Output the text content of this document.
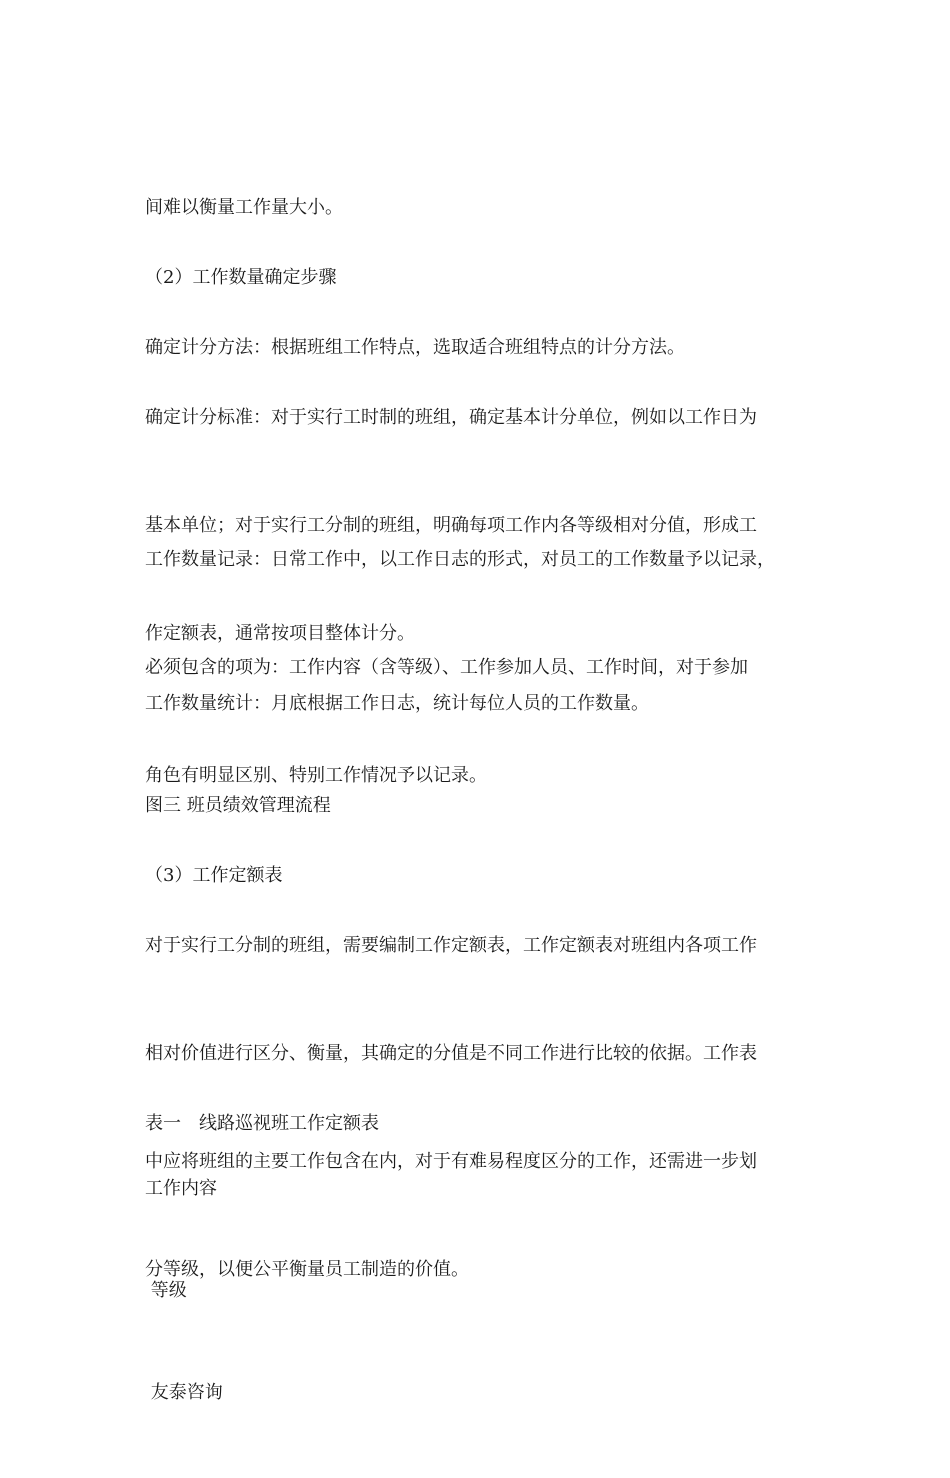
间难以衡量工作量大小。

（2）工作数量确定步骤

确定计分方法：根据班组工作特点，选取适合班组特点的计分方法。

确定计分标准：对于实行工时制的班组，确定基本计分单位，例如以工作日为

基本单位；对于实行工分制的班组，明确每项工作内各等级相对分值，形成工

作定额表，通常按项目整体计分。

工作数量记录：日常工作中，以工作日志的形式，对员工的工作数量予以记录，

必须包含的项为：工作内容（含等级）、工作参加人员、工作时间，对于参加

角色有明显区别、特别工作情况予以记录。

工作数量统计：月底根据工作日志，统计每位人员的工作数量。

图三 班员绩效管理流程

（3）工作定额表

对于实行工分制的班组，需要编制工作定额表，工作定额表对班组内各项工作

相对价值进行区分、衡量，其确定的分值是不同工作进行比较的依据。工作表

中应将班组的主要工作包含在内，对于有难易程度区分的工作，还需进一步划

分等级，以便公平衡量员工制造的价值。

表一　线路巡视班工作定额表

工作内容

等级

友泰咨询
